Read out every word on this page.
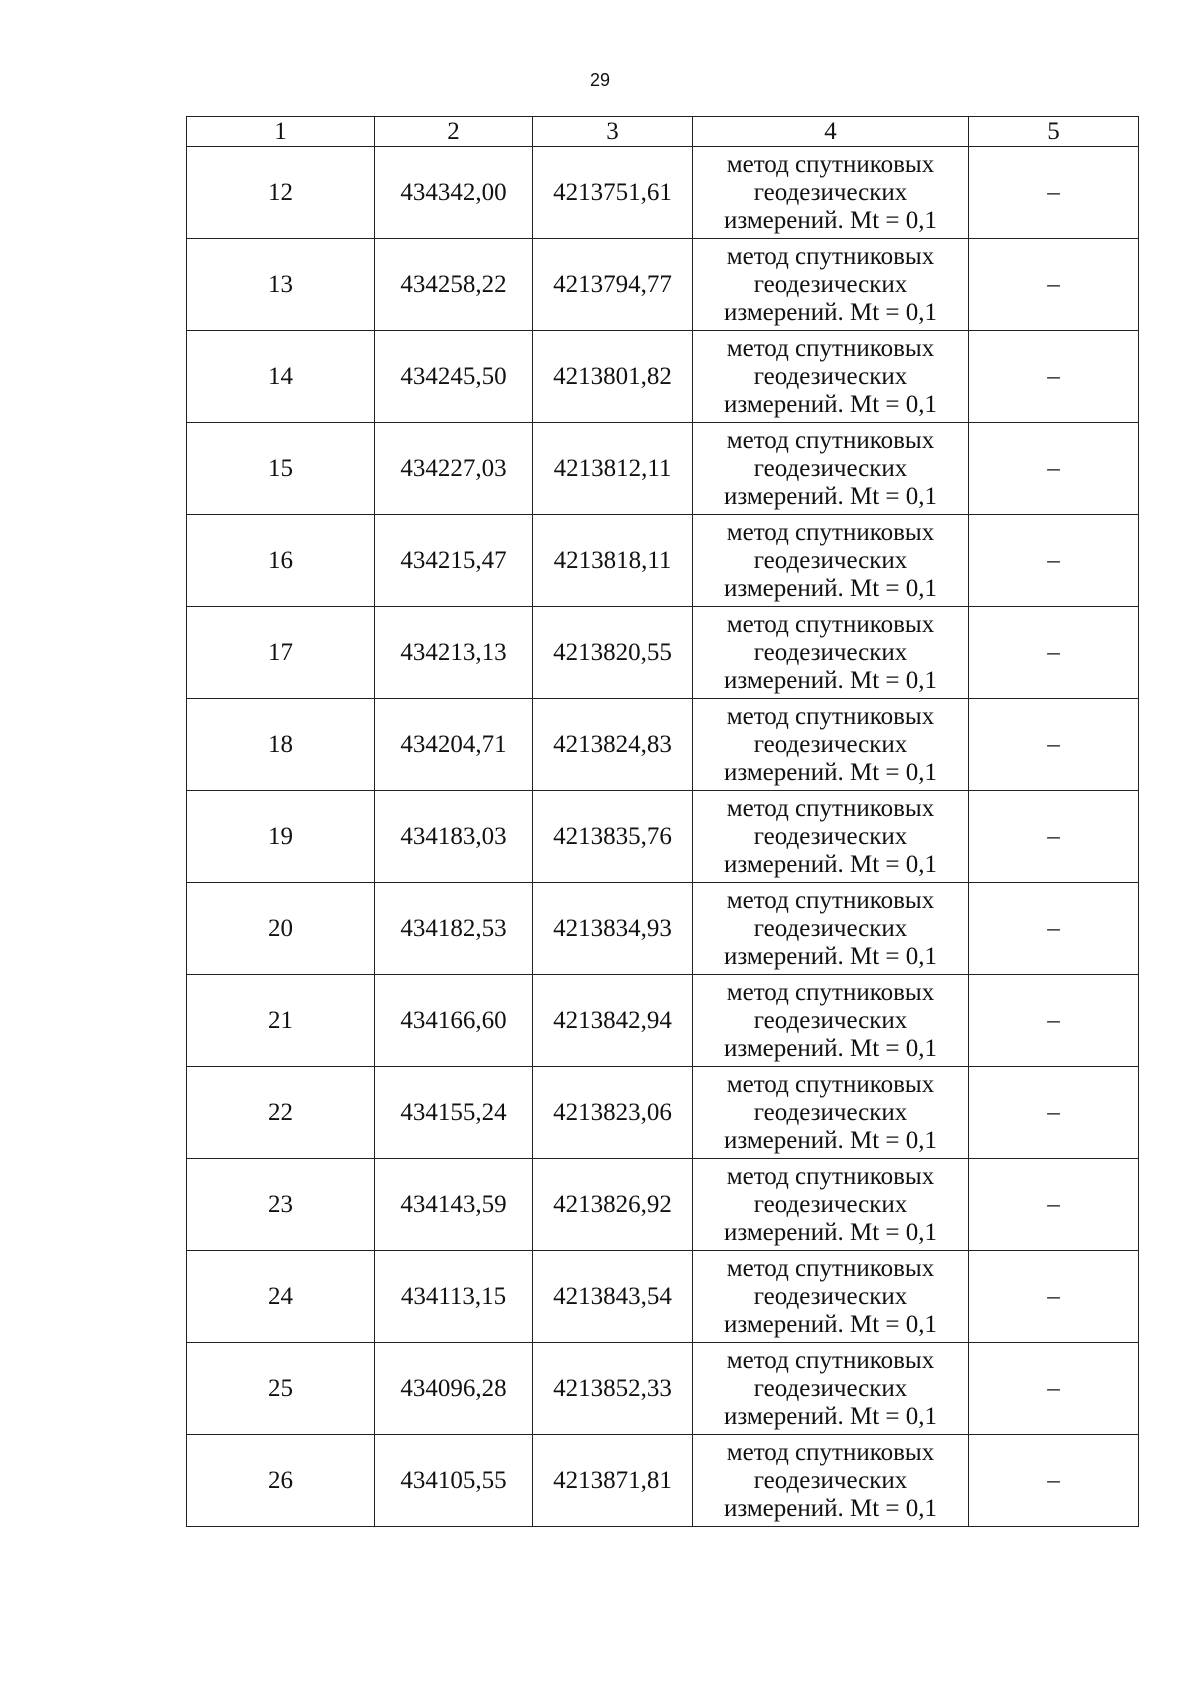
29
1	2	3	4	5
12	434342,00	4213751,61	метод спутниковых
геодезических
измерений. Mt = 0,1	–
13	434258,22	4213794,77	метод спутниковых
геодезических
измерений. Mt = 0,1	–
14	434245,50	4213801,82	метод спутниковых
геодезических
измерений. Mt = 0,1	–
15	434227,03	4213812,11	метод спутниковых
геодезических
измерений. Mt = 0,1	–
16	434215,47	4213818,11	метод спутниковых
геодезических
измерений. Mt = 0,1	–
17	434213,13	4213820,55	метод спутниковых
геодезических
измерений. Mt = 0,1	–
18	434204,71	4213824,83	метод спутниковых
геодезических
измерений. Mt = 0,1	–
19	434183,03	4213835,76	метод спутниковых
геодезических
измерений. Mt = 0,1	–
20	434182,53	4213834,93	метод спутниковых
геодезических
измерений. Mt = 0,1	–
21	434166,60	4213842,94	метод спутниковых
геодезических
измерений. Mt = 0,1	–
22	434155,24	4213823,06	метод спутниковых
геодезических
измерений. Mt = 0,1	–
23	434143,59	4213826,92	метод спутниковых
геодезических
измерений. Mt = 0,1	–
24	434113,15	4213843,54	метод спутниковых
геодезических
измерений. Mt = 0,1	–
25	434096,28	4213852,33	метод спутниковых
геодезических
измерений. Mt = 0,1	–
26	434105,55	4213871,81	метод спутниковых
геодезических
измерений. Mt = 0,1	–
